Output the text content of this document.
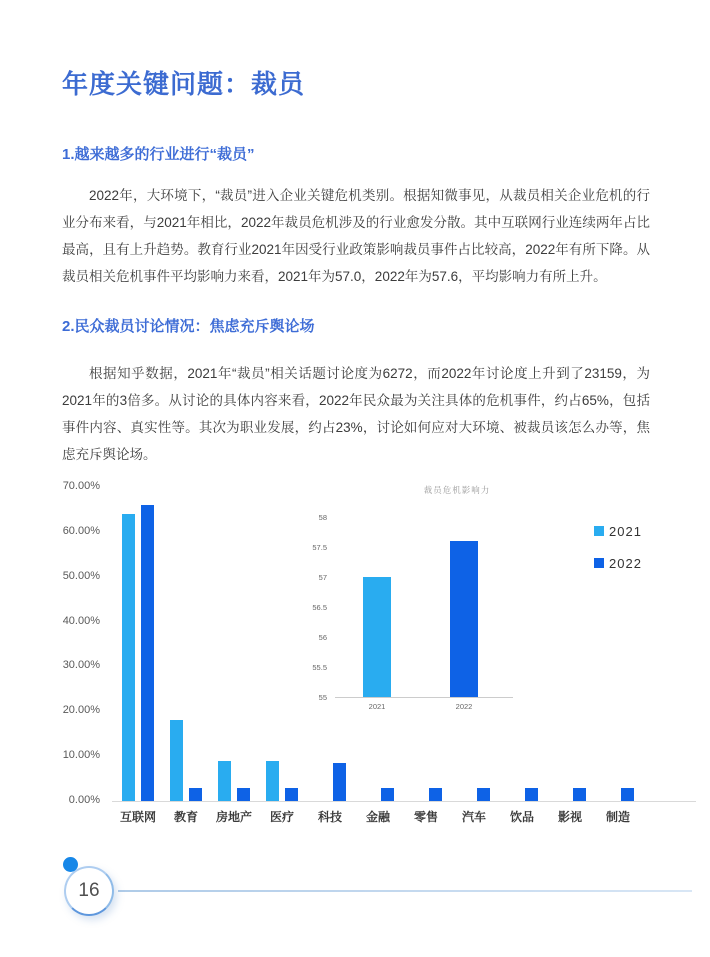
年度关键问题：裁员
1.越来越多的行业进行“裁员”

2022年，大环境下，“裁员”进入企业关键危机类别。根据知微事见，从裁员相关企业危机的行业分布来看，与2021年相比，2022年裁员危机涉及的行业愈发分散。其中互联网行业连续两年占比最高，且有上升趋势。教育行业2021年因受行业政策影响裁员事件占比较高，2022年有所下降。从裁员相关危机事件平均影响力来看，2021年为57.0，2022年为57.6，平均影响力有所上升。

2.民众裁员讨论情况：焦虑充斥舆论场

根据知乎数据，2021年“裁员”相关话题讨论度为6272，而2022年讨论度上升到了23159，为2021年的3倍多。从讨论的具体内容来看，2022年民众最为关注具体的危机事件，约占65%，包括事件内容、真实性等。其次为职业发展，约占23%，讨论如何应对大环境、被裁员该怎么办等，焦虑充斥舆论场。

0.00%
10.00%
20.00%
30.00%
40.00%
50.00%
60.00%
70.00%
互联网	教育	房地产	医疗	科技	金融	零售	汽车	饮品	影视	制造
裁员危机影响力
55
55.5
56
56.5
57
57.5
58
2021	2022
2021
2022
16
